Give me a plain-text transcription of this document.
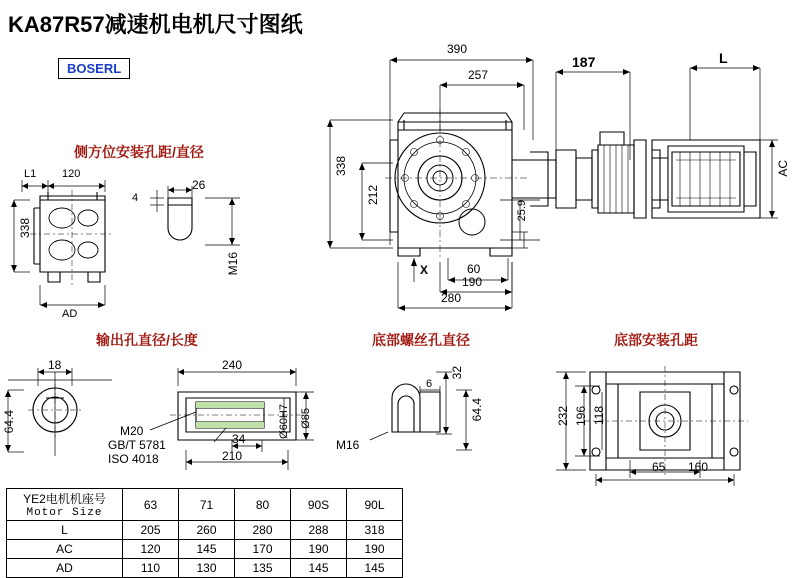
KA87R57减速机电机尺寸图纸
BOSERL
侧方位安装孔距/直径
输出孔直径/长度	底部螺丝孔直径	底部安装孔距
390
257
187	L
338
212
25.9
AC
X	60
190
280
L1 120
338
AD
26
4
M16
18
64.4
240
210
34
Ø85
Ø60H7
M20
GB/T 5781
ISO 4018
32
6
64.4
M16
232 196 118
65 160
YE2电机机座号
Motor Size	63	71	80	90S	90L
L	205	260	280	288	318
AC	120	145	170	190	190
AD	110	130	135	145	145
